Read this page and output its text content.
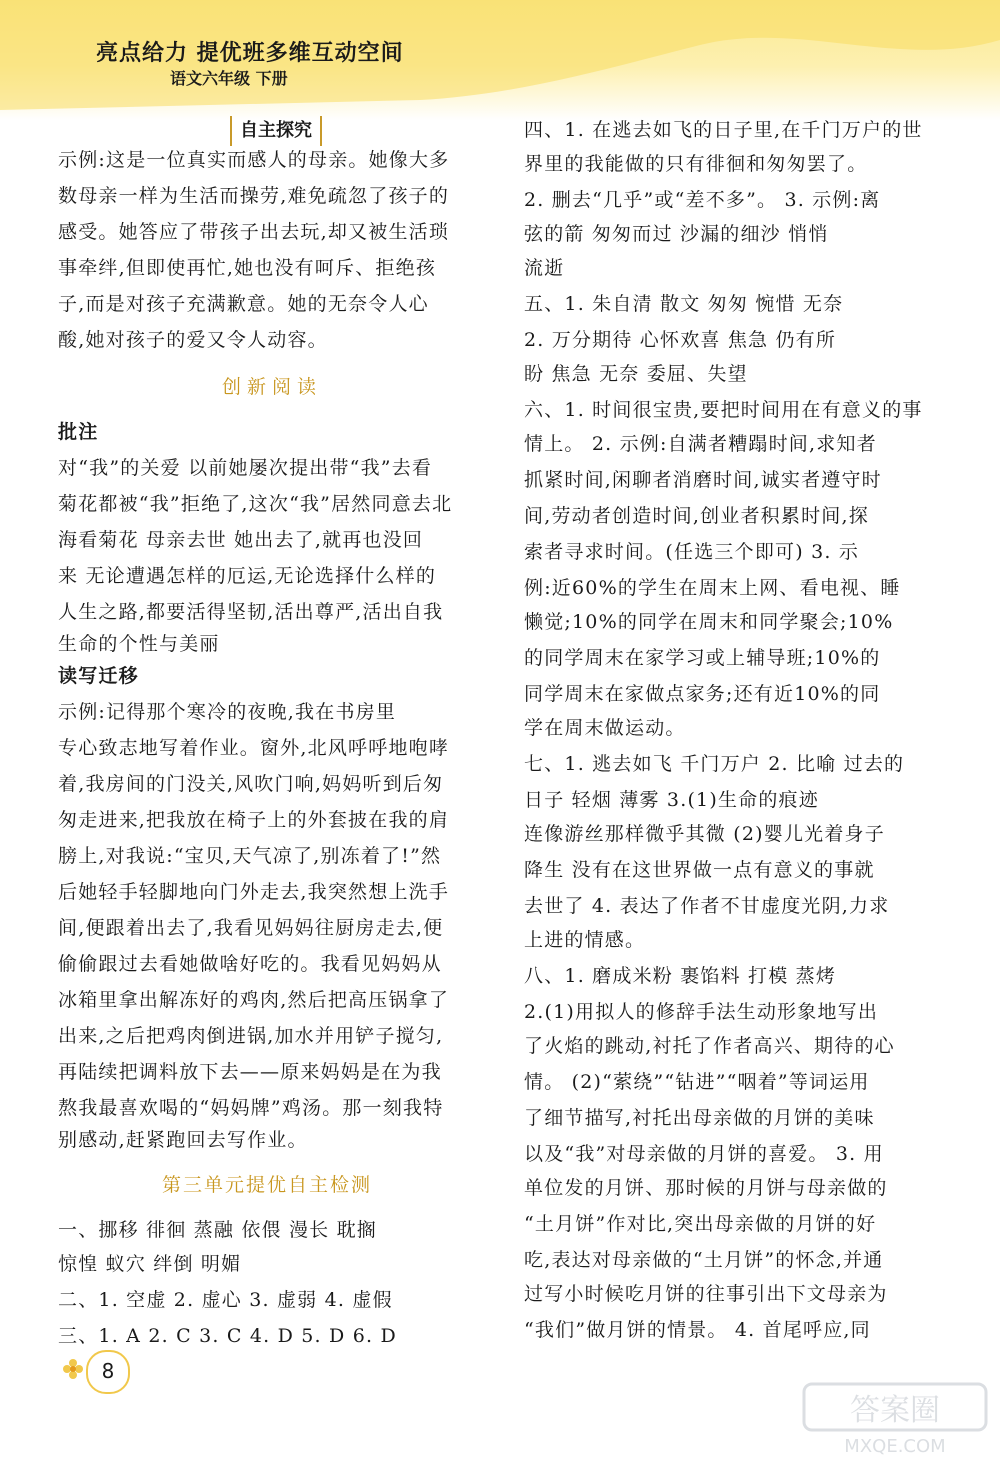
亮点给力 提优班多维互动空间
语文六年级 下册
自主探究
示例:这是一位真实而感人的母亲。她像大多
数母亲一样为生活而操劳,难免疏忽了孩子的
感受。她答应了带孩子出去玩,却又被生活琐
事牵绊,但即使再忙,她也没有呵斥、拒绝孩
子,而是对孩子充满歉意。她的无奈令人心
酸,她对孩子的爱又令人动容。
创新阅读
批注
对“我”的关爱 以前她屡次提出带“我”去看
菊花都被“我”拒绝了,这次“我”居然同意去北
海看菊花 母亲去世 她出去了,就再也没回
来 无论遭遇怎样的厄运,无论选择什么样的
人生之路,都要活得坚韧,活出尊严,活出自我
生命的个性与美丽
读写迁移
示例:记得那个寒冷的夜晚,我在书房里
专心致志地写着作业。窗外,北风呼呼地咆哮
着,我房间的门没关,风吹门响,妈妈听到后匆
匆走进来,把我放在椅子上的外套披在我的肩
膀上,对我说:“宝贝,天气凉了,别冻着了!”然
后她轻手轻脚地向门外走去,我突然想上洗手
间,便跟着出去了,我看见妈妈往厨房走去,便
偷偷跟过去看她做啥好吃的。我看见妈妈从
冰箱里拿出解冻好的鸡肉,然后把高压锅拿了
出来,之后把鸡肉倒进锅,加水并用铲子搅匀,
再陆续把调料放下去——原来妈妈是在为我
熬我最喜欢喝的“妈妈牌”鸡汤。那一刻我特
别感动,赶紧跑回去写作业。
第三单元提优自主检测
一、挪移 徘徊 蒸融 依偎 漫长 耽搁
惊惶 蚁穴 绊倒 明媚
二、1. 空虚 2. 虚心 3. 虚弱 4. 虚假
三、1. A 2. C 3. C 4. D 5. D 6. D
四、1. 在逃去如飞的日子里,在千门万户的世
界里的我能做的只有徘徊和匆匆罢了。
2. 删去“几乎”或“差不多”。 3. 示例:离
弦的箭 匆匆而过 沙漏的细沙 悄悄
流逝
五、1. 朱自清 散文 匆匆 惋惜 无奈
2. 万分期待 心怀欢喜 焦急 仍有所
盼 焦急 无奈 委屈、失望
六、1. 时间很宝贵,要把时间用在有意义的事
情上。 2. 示例:自满者糟蹋时间,求知者
抓紧时间,闲聊者消磨时间,诚实者遵守时
间,劳动者创造时间,创业者积累时间,探
索者寻求时间。(任选三个即可) 3. 示
例:近60%的学生在周末上网、看电视、睡
懒觉;10%的同学在周末和同学聚会;10%
的同学周末在家学习或上辅导班;10%的
同学周末在家做点家务;还有近10%的同
学在周末做运动。
七、1. 逃去如飞 千门万户 2. 比喻 过去的
日子 轻烟 薄雾 3.(1)生命的痕迹
连像游丝那样微乎其微 (2)婴儿光着身子
降生 没有在这世界做一点有意义的事就
去世了 4. 表达了作者不甘虚度光阴,力求
上进的情感。
八、1. 磨成米粉 裹馅料 打模 蒸烤
2.(1)用拟人的修辞手法生动形象地写出
了火焰的跳动,衬托了作者高兴、期待的心
情。 (2)“萦绕”“钻进”“咽着”等词运用
了细节描写,衬托出母亲做的月饼的美味
以及“我”对母亲做的月饼的喜爱。 3. 用
单位发的月饼、那时候的月饼与母亲做的
“土月饼”作对比,突出母亲做的月饼的好
吃,表达对母亲做的“土月饼”的怀念,并通
过写小时候吃月饼的往事引出下文母亲为
“我们”做月饼的情景。 4. 首尾呼应,同
8
答案圈
MXQE.COM
